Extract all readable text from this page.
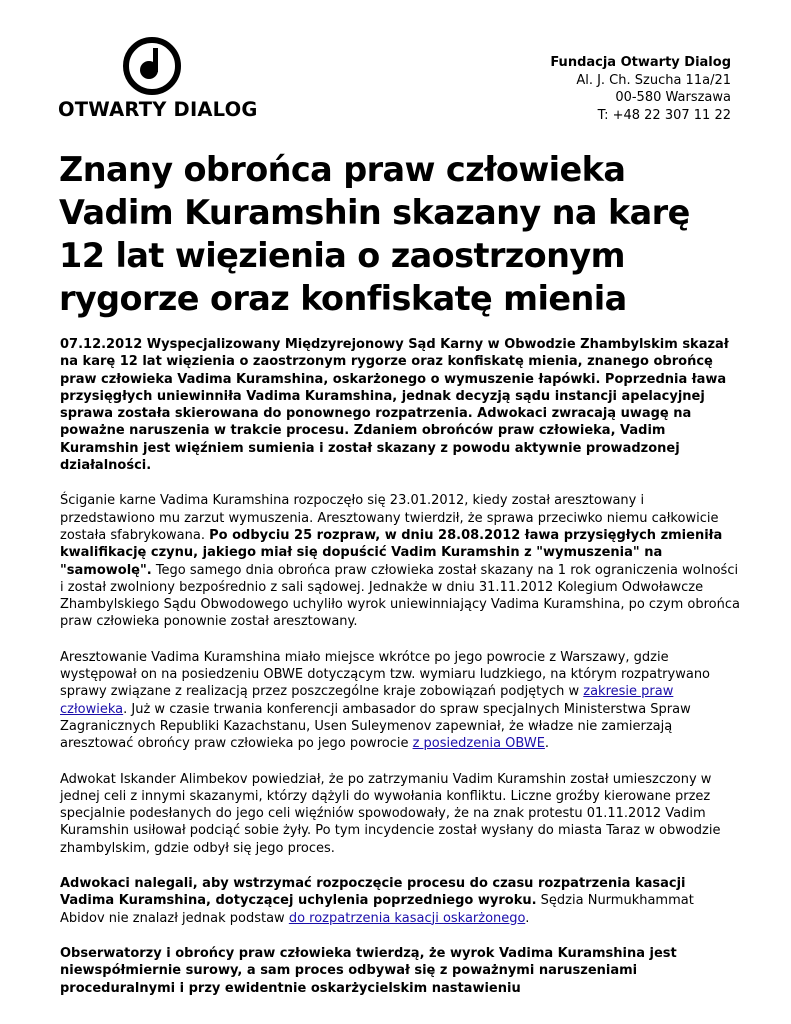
OTWARTY DIALOG
Fundacja Otwarty Dialog
Al. J. Ch. Szucha 11a/21
00-580 Warszawa
T: +48 22 307 11 22
Znany obrońca praw człowieka Vadim Kuramshin skazany na karę 12 lat więzienia o zaostrzonym rygorze oraz konfiskatę mienia

07.12.2012 Wyspecjalizowany Międzyrejonowy Sąd Karny w Obwodzie Zhambylskim skazał na karę 12 lat więzienia o zaostrzonym rygorze oraz konfiskatę mienia, znanego obrońcę praw człowieka Vadima Kuramshina, oskarżonego o wymuszenie łapówki. Poprzednia ława przysięgłych uniewinniła Vadima Kuramshina, jednak decyzją sądu instancji apelacyjnej sprawa została skierowana do ponownego rozpatrzenia. Adwokaci zwracają uwagę na poważne naruszenia w trakcie procesu. Zdaniem obrońców praw człowieka, Vadim Kuramshin jest więźniem sumienia i został skazany z powodu aktywnie prowadzonej działalności.

Ściganie karne Vadima Kuramshina rozpoczęło się 23.01.2012, kiedy został aresztowany i przedstawiono mu zarzut wymuszenia. Aresztowany twierdził, że sprawa przeciwko niemu całkowicie została sfabrykowana. Po odbyciu 25 rozpraw, w dniu 28.08.2012 ława przysięgłych zmieniła kwalifikację czynu, jakiego miał się dopuścić Vadim Kuramshin z "wymuszenia" na "samowolę". Tego samego dnia obrońca praw człowieka został skazany na 1 rok ograniczenia wolności i został zwolniony bezpośrednio z sali sądowej. Jednakże w dniu 31.11.2012 Kolegium Odwoławcze Zhambylskiego Sądu Obwodowego uchyliło wyrok uniewinniający Vadima Kuramshina, po czym obrońca praw człowieka ponownie został aresztowany.

Aresztowanie Vadima Kuramshina miało miejsce wkrótce po jego powrocie z Warszawy, gdzie występował on na posiedzeniu OBWE dotyczącym tzw. wymiaru ludzkiego, na którym rozpatrywano sprawy związane z realizacją przez poszczególne kraje zobowiązań podjętych w zakresie praw człowieka. Już w czasie trwania konferencji ambasador do spraw specjalnych Ministerstwa Spraw Zagranicznych Republiki Kazachstanu, Usen Suleymenov zapewniał, że władze nie zamierzają aresztować obrońcy praw człowieka po jego powrocie z posiedzenia OBWE.

Adwokat Iskander Alimbekov powiedział, że po zatrzymaniu Vadim Kuramshin został umieszczony w jednej celi z innymi skazanymi, którzy dążyli do wywołania konfliktu. Liczne groźby kierowane przez specjalnie podesłanych do jego celi więźniów spowodowały, że na znak protestu 01.11.2012 Vadim Kuramshin usiłował podciąć sobie żyły. Po tym incydencie został wysłany do miasta Taraz w obwodzie zhambylskim, gdzie odbył się jego proces.

Adwokaci nalegali, aby wstrzymać rozpoczęcie procesu do czasu rozpatrzenia kasacji Vadima Kuramshina, dotyczącej uchylenia poprzedniego wyroku. Sędzia Nurmukhammat Abidov nie znalazł jednak podstaw do rozpatrzenia kasacji oskarżonego.

Obserwatorzy i obrońcy praw człowieka twierdzą, że wyrok Vadima Kuramshina jest niewspółmiernie surowy, a sam proces odbywał się z poważnymi naruszeniami proceduralnymi i przy ewidentnie oskarżycielskim nastawieniu
